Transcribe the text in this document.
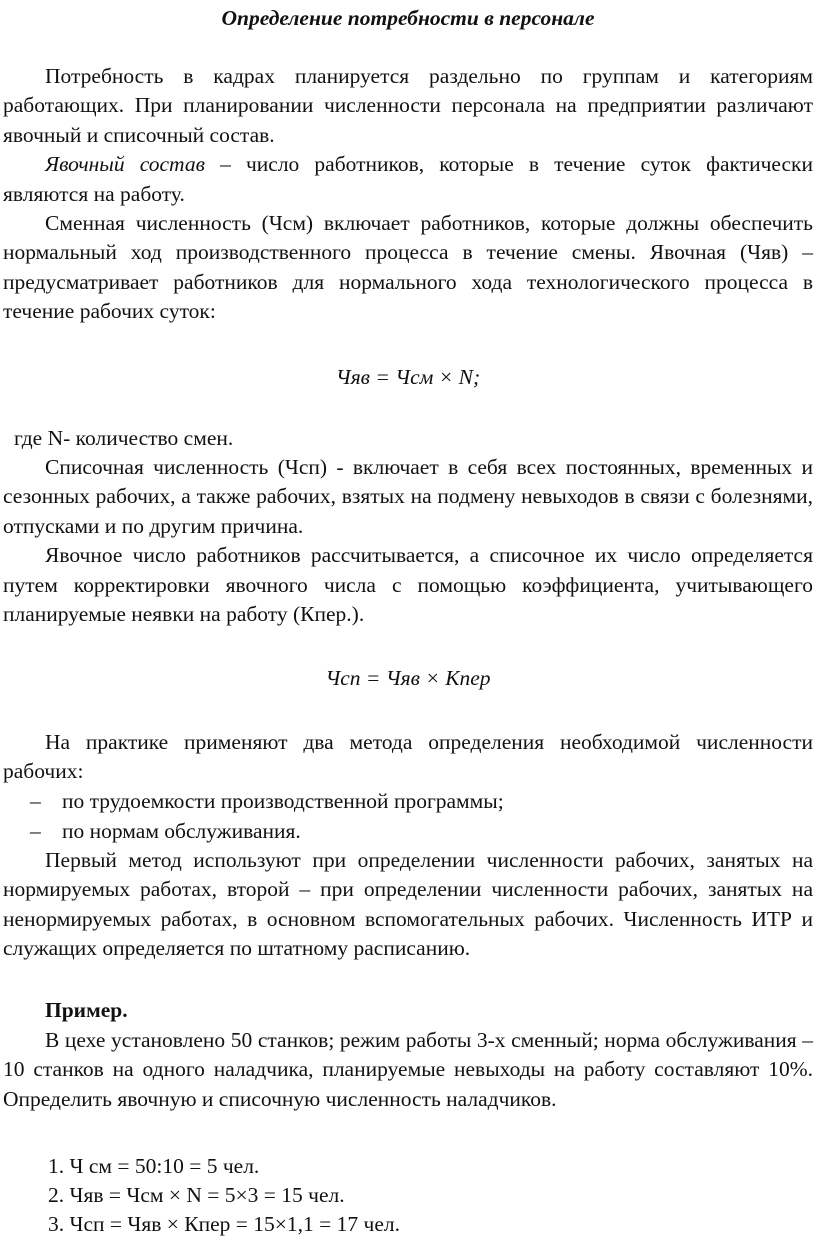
Определение потребности в персонале

Потребность в кадрах планируется раздельно по группам и категориям работающих. При планировании численности персонала на предприятии различают явочный и списочный состав.

Явочный состав – число работников, которые в течение суток фактически являются на работу.

Сменная численность (Чсм) включает работников, которые должны обеспечить нормальный ход производственного процесса в течение смены. Явочная (Чяв) – предусматривает работников для нормального хода технологического процесса в течение рабочих суток:

Чяв = Чсм × N;
где N- количество смен.

Списочная численность (Чсп) - включает в себя всех постоянных, временных и сезонных рабочих, а также рабочих, взятых на подмену невыходов в связи с болезнями, отпусками и по другим причина.

Явочное число работников рассчитывается, а списочное их число определяется путем корректировки явочного числа с помощью коэффициента, учитывающего планируемые неявки на работу (Кпер.).

Чсп = Чяв × Кпер

На практике применяют два метода определения необходимой численности рабочих:

– по трудоемкости производственной программы;
– по нормам обслуживания.

Первый метод используют при определении численности рабочих, занятых на нормируемых работах, второй – при определении численности рабочих, занятых на ненормируемых работах, в основном вспомогательных рабочих. Численность ИТР и служащих определяется по штатному расписанию.

Пример.

В цехе установлено 50 станков; режим работы 3-х сменный; норма обслуживания – 10 станков на одного наладчика, планируемые невыходы на работу составляют 10%. Определить явочную и списочную численность наладчиков.

1. Ч см = 50:10 = 5 чел.
2. Чяв = Чсм × N = 5×3 = 15 чел.
3. Чсп = Чяв × Кпер = 15×1,1 = 17 чел.
